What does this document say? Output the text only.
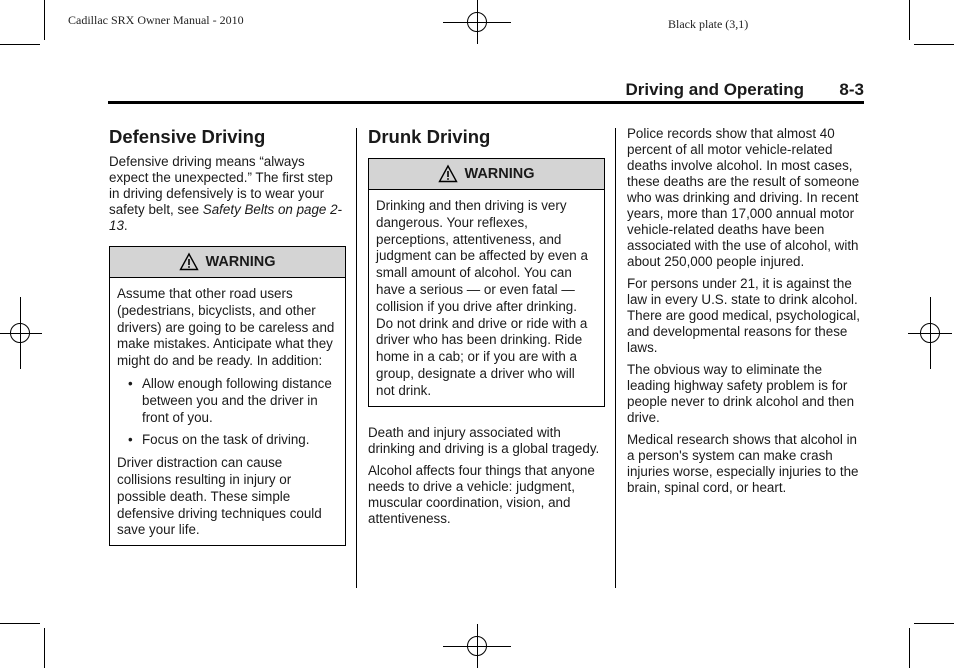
Cadillac SRX Owner Manual - 2010	Black plate (3,1)
Driving and Operating 8-3
Defensive Driving

Defensive driving means “always expect the unexpected.” The first step in driving defensively is to wear your safety belt, see Safety Belts on page 2-13.

WARNING

Assume that other road users (pedestrians, bicyclists, and other drivers) are going to be careless and make mistakes. Anticipate what they might do and be ready. In addition:

• Allow enough following distance between you and the driver in front of you.
• Focus on the task of driving.

Driver distraction can cause collisions resulting in injury or possible death. These simple defensive driving techniques could save your life.

Drunk Driving
WARNING

Drinking and then driving is very dangerous. Your reflexes, perceptions, attentiveness, and judgment can be affected by even a small amount of alcohol. You can have a serious — or even fatal — collision if you drive after drinking. Do not drink and drive or ride with a driver who has been drinking. Ride home in a cab; or if you are with a group, designate a driver who will not drink.

Death and injury associated with drinking and driving is a global tragedy.

Alcohol affects four things that anyone needs to drive a vehicle: judgment, muscular coordination, vision, and attentiveness.

Police records show that almost 40 percent of all motor vehicle-related deaths involve alcohol. In most cases, these deaths are the result of someone who was drinking and driving. In recent years, more than 17,000 annual motor vehicle-related deaths have been associated with the use of alcohol, with about 250,000 people injured.

For persons under 21, it is against the law in every U.S. state to drink alcohol. There are good medical, psychological, and developmental reasons for these laws.

The obvious way to eliminate the leading highway safety problem is for people never to drink alcohol and then drive.

Medical research shows that alcohol in a person's system can make crash injuries worse, especially injuries to the brain, spinal cord, or heart.
